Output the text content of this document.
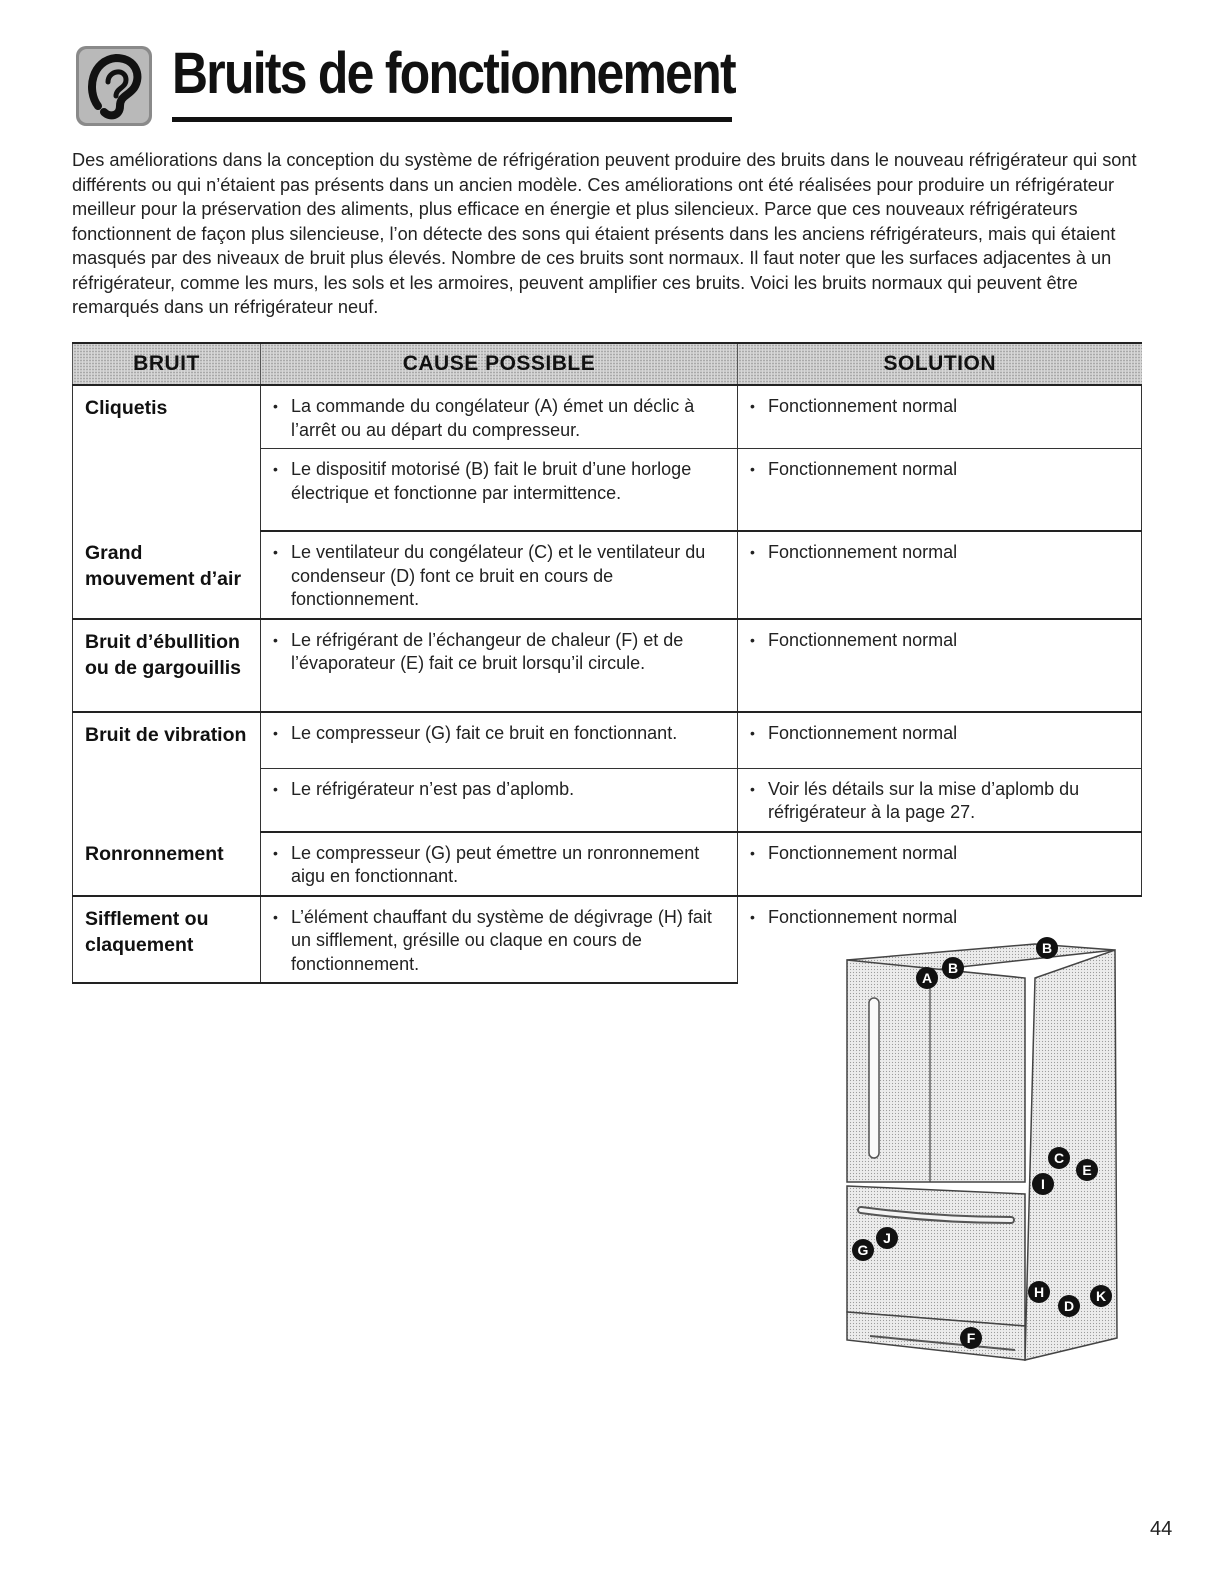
Bruits de fonctionnement

Des améliorations dans la conception du système de réfrigération peuvent produire des bruits dans le nouveau réfrigérateur qui sont différents ou qui n’étaient pas présents dans un ancien modèle. Ces améliorations ont été réalisées pour produire un réfrigérateur meilleur pour la préservation des aliments, plus efficace en énergie et plus silencieux. Parce que ces nouveaux réfrigérateurs fonctionnent de façon plus silencieuse, l’on détecte des sons qui étaient présents dans les anciens réfrigérateurs, mais qui étaient masqués par des niveaux de bruit plus élevés. Nombre de ces bruits sont normaux. Il faut noter que les surfaces adjacentes à un réfrigérateur, comme les murs, les sols et les armoires, peuvent amplifier ces bruits. Voici les bruits normaux qui peuvent être remarqués dans un réfrigérateur neuf.

BRUIT	CAUSE POSSIBLE	SOLUTION
Cliquetis	• La commande du congélateur (A) émet un déclic à l’arrêt ou au départ du compresseur.	• Fonctionnement normal

	• Le dispositif motorisé (B) fait le bruit d’une horloge électrique et fonctionne par intermittence.	• Fonctionnement normal

Grand mouvement d’air	• Le ventilateur du congélateur (C) et le ventilateur du condenseur (D) font ce bruit en cours de fonctionnement.	• Fonctionnement normal

Bruit d’ébullition ou de gargouillis	• Le réfrigérant de l’échangeur de chaleur (F) et de l’évaporateur (E) fait ce bruit lorsqu’il circule.	• Fonctionnement normal

Bruit de vibration	• Le compresseur (G) fait ce bruit en fonctionnant.	• Fonctionnement normal

	• Le réfrigérateur n’est pas d’aplomb.	• Voir lés détails sur la mise d’aplomb du réfrigérateur à la page 27.

Ronronnement	• Le compresseur (G) peut émettre un ronronnement aigu en fonctionnant.	• Fonctionnement normal

Sifflement ou claquement	• L’élément chauffant du système de dégivrage (H) fait un sifflement, grésille ou claque en cours de fonctionnement.	• Fonctionnement normal
A
B
B
C
I
E
G
J
H
D
K
F
44
